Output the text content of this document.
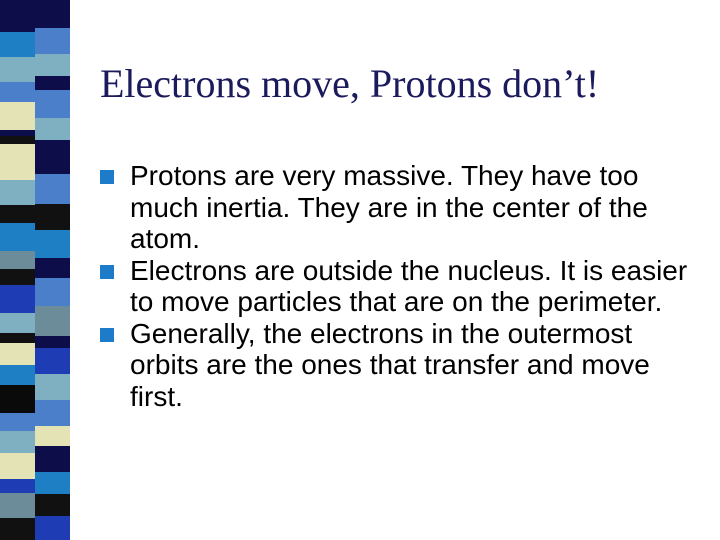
Electrons move, Protons don’t!
Protons are very massive. They have too much inertia. They are in the center of the atom.
Electrons are outside the nucleus. It is easier to move particles that are on the perimeter.
Generally, the electrons in the outermost orbits are the ones that transfer and move first.
